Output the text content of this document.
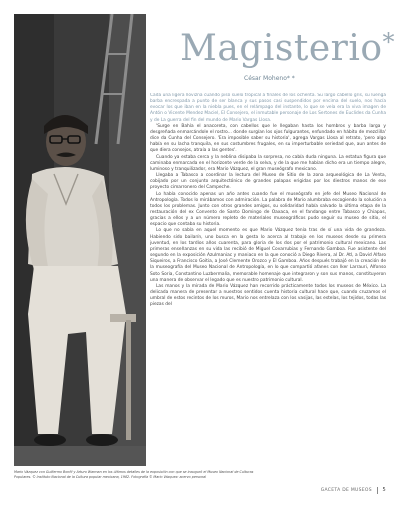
Magisterio*
César Moheno* *

Cada una ligera llovizna cuando pisó suelo tropical a finales de los ochenta. Su largo cabello gris, su luenga barba encrespada a punto de ser blanca y sus pasos casi suspendidos por encima del suelo, nos hacía evocar los que iban en la niebla pues, en el relámpago del instante, lo que se veía era la viva imagen de Antón o Vicente Mendez Maciel, El Consejero, el inmutable personaje de Los Sertones de Euclides da Cunha y de La guerra del fin del mundo de Mario Vargas Llosa.

'Surge en Bahía el anacoreta, con cabellos que le llegaban hasta los hombros y barba larga y desgreñada enmarcándole el rostro... donde surgían los ojos fulgurantes, enfundado en hábito de mezclilla' dice da Cunha del Consejero. 'Era imposible saber su historia', agrega Vargas Llosa al retrato, 'pero algo había en su lacha tranquila, en sus costumbres frugales, en su imperturbable seriedad que, aun antes de que diera consejos, atraía a las gentes'.

Cuando ya estaba cerca y la neblina disipaba la sorpresa, no cabía duda ninguna. La estatua figura que caminaba enmarcada en el horizonte verde de la selva, y de la que me habían dicho era un tiempo alegre, luminoso y tranquilizador, era Mario Vázquez, el gran museógrafo mexicano.

Llegaba a Tabasco a coordinar la lectura del Museo de Sitio de la zona arqueológica de La Venta, cobijado por un conjunto arquitectónico de grandes palapas erigidas por los diestros manos de ese proyecto cimarronero del Campeche.

Lo había conocido apenas un año antes cuando fue el museógrafo en jefe del Museo Nacional de Antropología. Todos lo mirábamos con admiración. La palabra de Mario alumbraba escogiendo la solución a todos los problemas. Junto con otros grandes amigos, su solidaridad había salvado la última etapa de la restauración del ex Convento de Santo Domingo de Oaxaca, en el fandango entre Tabasco y Chiapas, gracias a ellos y a un número repleto de materiales museográficos pudo seguir su museo de sitio, el espacio que contaba su historia.

Lo que no sabía en aquel momento es que Mario Vázquez tenía tras de sí una vida de grandeza. Habiendo sido bailarín, uno busca en la gesta lo acerca al trabajo en los museos desde su primera juventud, en los tardíos años cuarenta, para gloria de los dos por el patrimonio cultural mexicano. Las primeras enseñanzas en su vida las recibió de Miguel Covarrubias y Fernando Gamboa. Fue asistente del segundo en la exposición Azulmaniac y maniaco en la que conoció a Diego Rivera, al Dr. Atl, a David Alfaro Siqueiros, a Francisco Goitia, a José Clemente Orozco y El Gamboa. Años después trabajó en la creación de la museografía del Museo Nacional de Antropología, en lo que compartió afanes con Iker Larrauri, Alfonso Soto Soria, Constantino Luzbermalia, memorable homenaje que integraron y son sus manos, constituyeron una manera de observar el legado que es nuestro patrimonio cultural.

Las manos y la mirada de Mario Vázquez han recorrido prácticamente todos los museos de México. La delicada manera de presentar a nuestros sentidos cuenta historia cultural hace que, cuando cruzamos el umbral de estos recintos de los muros, Mario nos entrelaza con los vasijas, las estelas, los tejidos, todas las piezas del

Mario Vázquez con Guillermo Bonfil y Arturo Warman en los últimos detalles de la exposición con que se inauguró el Museo Nacional de Culturas Populares. © Instituto Nacional de la Cultura popular mexicana, 1982. Fotografía © Mario Vázquez: acervo personal
GACETA DE MUSEOS 5
